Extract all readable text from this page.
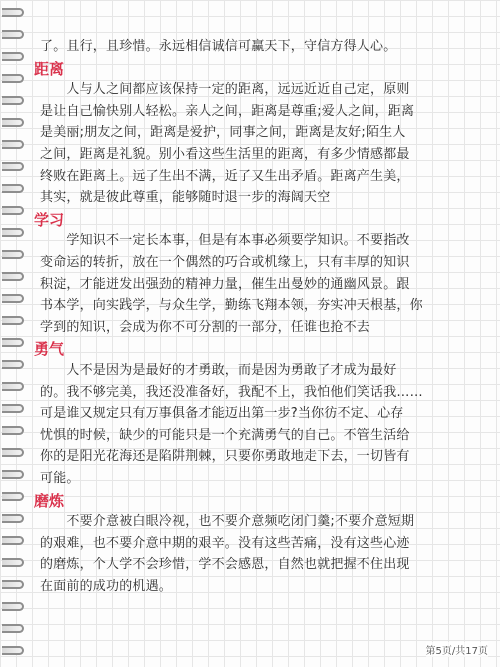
了。且行，且珍惜。永远相信诚信可赢天下，守信方得人心。
距离
　　人与人之间都应该保持一定的距离，远远近近自己定，原则
是让自己愉快别人轻松。亲人之间，距离是尊重;爱人之间，距离
是美丽;朋友之间，距离是爱护，同事之间，距离是友好;陌生人
之间，距离是礼貌。别小看这些生活里的距离，有多少情感都最
终败在距离上。远了生出不满，近了又生出矛盾。距离产生美，
其实，就是彼此尊重，能够随时退一步的海阔天空
学习
　　学知识不一定长本事，但是有本事必须要学知识。不要指改
变命运的转折，放在一个偶然的巧合或机缘上，只有丰厚的知识
积淀，才能迸发出强劲的精神力量，催生出曼妙的通幽风景。跟
书本学，向实践学，与众生学，勤练飞翔本领，夯实冲天根基，你
学到的知识，会成为你不可分割的一部分，任谁也抢不去
勇气
　　人不是因为是最好的才勇敢，而是因为勇敢了才成为最好
的。我不够完美，我还没准备好，我配不上，我怕他们笑话我……
可是谁又规定只有万事俱备才能迈出第一步?当你彷不定、心存
忧惧的时候，缺少的可能只是一个充满勇气的自己。不管生活给
你的是阳光花海还是陷阱荆棘，只要你勇敢地走下去，一切皆有
可能。
磨炼
　　不要介意被白眼冷视，也不要介意频吃闭门羹;不要介意短期
的艰难，也不要介意中期的艰辛。没有这些苦痛，没有这些心迹
的磨炼，个人学不会珍惜，学不会感恩，自然也就把握不住出现
在面前的成功的机遇。
第5页/共17页
